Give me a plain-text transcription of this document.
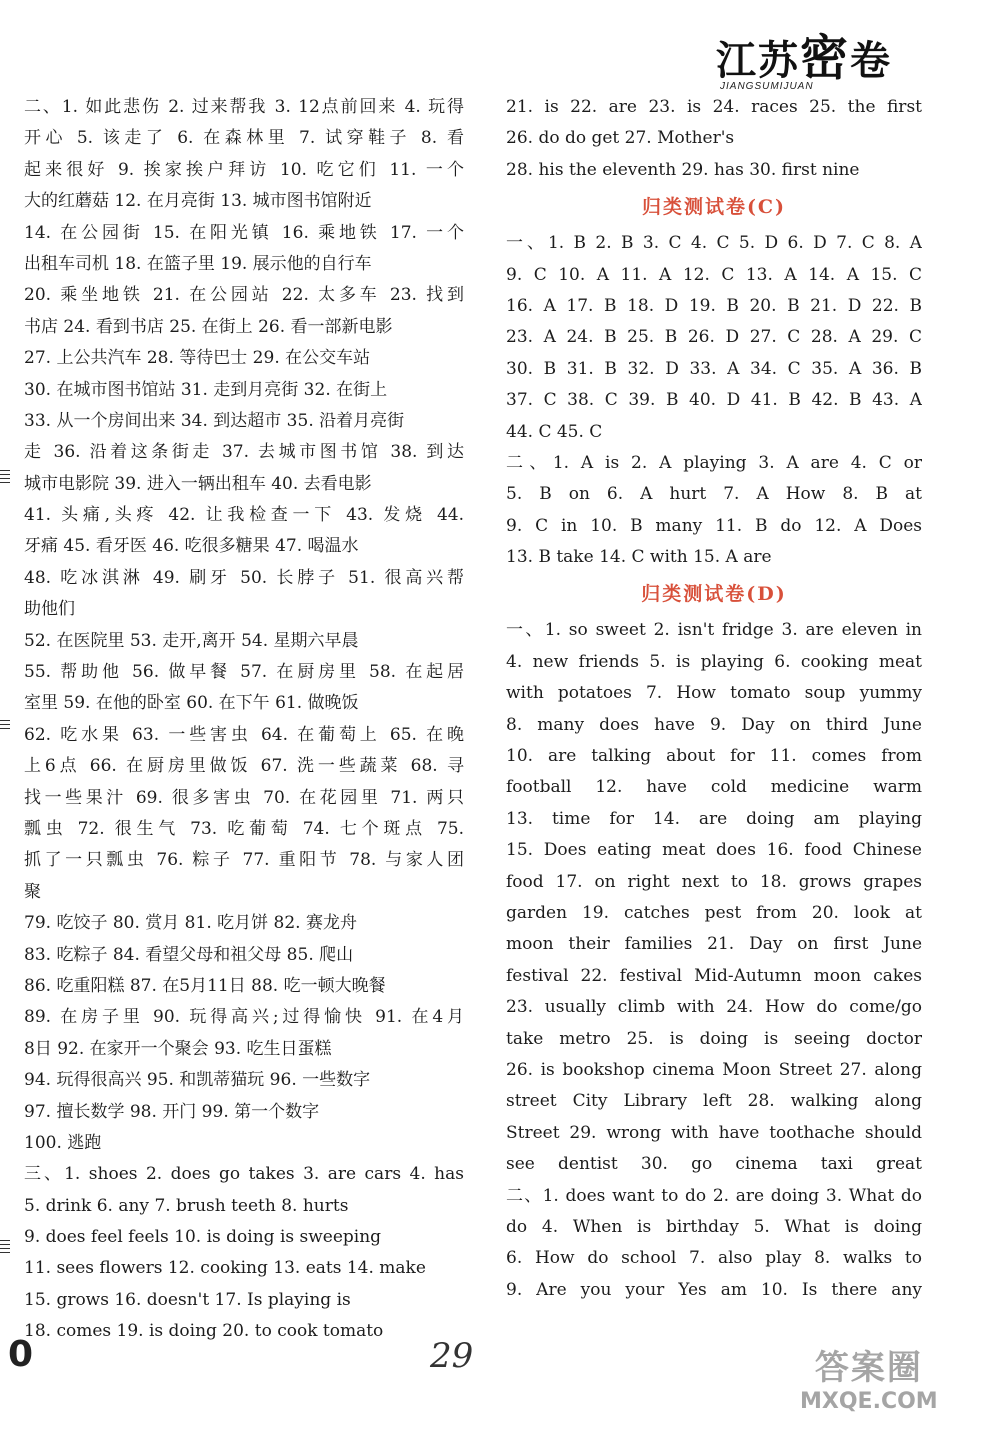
江苏密卷
JIANGSUMIJUAN
二、1. 如此悲伤 2. 过来帮我 3. 12点前回来 4. 玩得
开心 5. 该走了 6. 在森林里 7. 试穿鞋子 8. 看
起来很好 9. 挨家挨户拜访 10. 吃它们 11. 一个
大的红蘑菇 12. 在月亮街 13. 城市图书馆附近
14. 在公园街 15. 在阳光镇 16. 乘地铁 17. 一个
出租车司机 18. 在篮子里 19. 展示他的自行车
20. 乘坐地铁 21. 在公园站 22. 太多车 23. 找到
书店 24. 看到书店 25. 在街上 26. 看一部新电影
27. 上公共汽车 28. 等待巴士 29. 在公交车站
30. 在城市图书馆站 31. 走到月亮街 32. 在街上
33. 从一个房间出来 34. 到达超市 35. 沿着月亮街
走 36. 沿着这条街走 37. 去城市图书馆 38. 到达
城市电影院 39. 进入一辆出租车 40. 去看电影
41. 头痛,头疼 42. 让我检查一下 43. 发烧 44.
牙痛 45. 看牙医 46. 吃很多糖果 47. 喝温水
48. 吃冰淇淋 49. 刷牙 50. 长脖子 51. 很高兴帮
助他们
52. 在医院里 53. 走开,离开 54. 星期六早晨
55. 帮助他 56. 做早餐 57. 在厨房里 58. 在起居
室里 59. 在他的卧室 60. 在下午 61. 做晚饭
62. 吃水果 63. 一些害虫 64. 在葡萄上 65. 在晚
上6点 66. 在厨房里做饭 67. 洗一些蔬菜 68. 寻
找一些果汁 69. 很多害虫 70. 在花园里 71. 两只
瓢虫 72. 很生气 73. 吃葡萄 74. 七个斑点 75.
抓了一只瓢虫 76. 粽子 77. 重阳节 78. 与家人团
聚
79. 吃饺子 80. 赏月 81. 吃月饼 82. 赛龙舟
83. 吃粽子 84. 看望父母和祖父母 85. 爬山
86. 吃重阳糕 87. 在5月11日 88. 吃一顿大晚餐
89. 在房子里 90. 玩得高兴;过得愉快 91. 在4月
8日 92. 在家开一个聚会 93. 吃生日蛋糕
94. 玩得很高兴 95. 和凯蒂猫玩 96. 一些数字
97. 擅长数学 98. 开门 99. 第一个数字
100. 逃跑
三、1. shoes 2. does go takes 3. are cars 4. has
5. drink 6. any 7. brush teeth 8. hurts
9. does feel feels 10. is doing is sweeping
11. sees flowers 12. cooking 13. eats 14. make
15. grows 16. doesn't 17. Is playing is
18. comes 19. is doing 20. to cook tomato
21. is 22. are 23. is 24. races 25. the first
26. do do get 27. Mother's
28. his the eleventh 29. has 30. first nine
归类测试卷(C)
一、1. B 2. B 3. C 4. C 5. D 6. D 7. C 8. A
9. C 10. A 11. A 12. C 13. A 14. A 15. C
16. A 17. B 18. D 19. B 20. B 21. D 22. B
23. A 24. B 25. B 26. D 27. C 28. A 29. C
30. B 31. B 32. D 33. A 34. C 35. A 36. B
37. C 38. C 39. B 40. D 41. B 42. B 43. A
44. C 45. C
二、1. A is 2. A playing 3. A are 4. C or
5. B on 6. A hurt 7. A How 8. B at
9. C in 10. B many 11. B do 12. A Does
13. B take 14. C with 15. A are
归类测试卷(D)
一、1. so sweet 2. isn't fridge 3. are eleven in
4. new friends 5. is playing 6. cooking meat
with potatoes 7. How tomato soup yummy
8. many does have 9. Day on third June
10. are talking about for 11. comes from
football 12. have cold medicine warm
13. time for 14. are doing am playing
15. Does eating meat does 16. food Chinese
food 17. on right next to 18. grows grapes
garden 19. catches pest from 20. look at
moon their families 21. Day on first June
festival 22. festival Mid-Autumn moon cakes
23. usually climb with 24. How do come/go
take metro 25. is doing is seeing doctor
26. is bookshop cinema Moon Street 27. along
street City Library left 28. walking along
Street 29. wrong with have toothache should
see dentist 30. go cinema taxi great
二、1. does want to do 2. are doing 3. What do
do 4. When is birthday 5. What is doing
6. How do school 7. also play 8. walks to
9. Are you your Yes am 10. Is there any
0	29	答案圈
MXQE.COM
